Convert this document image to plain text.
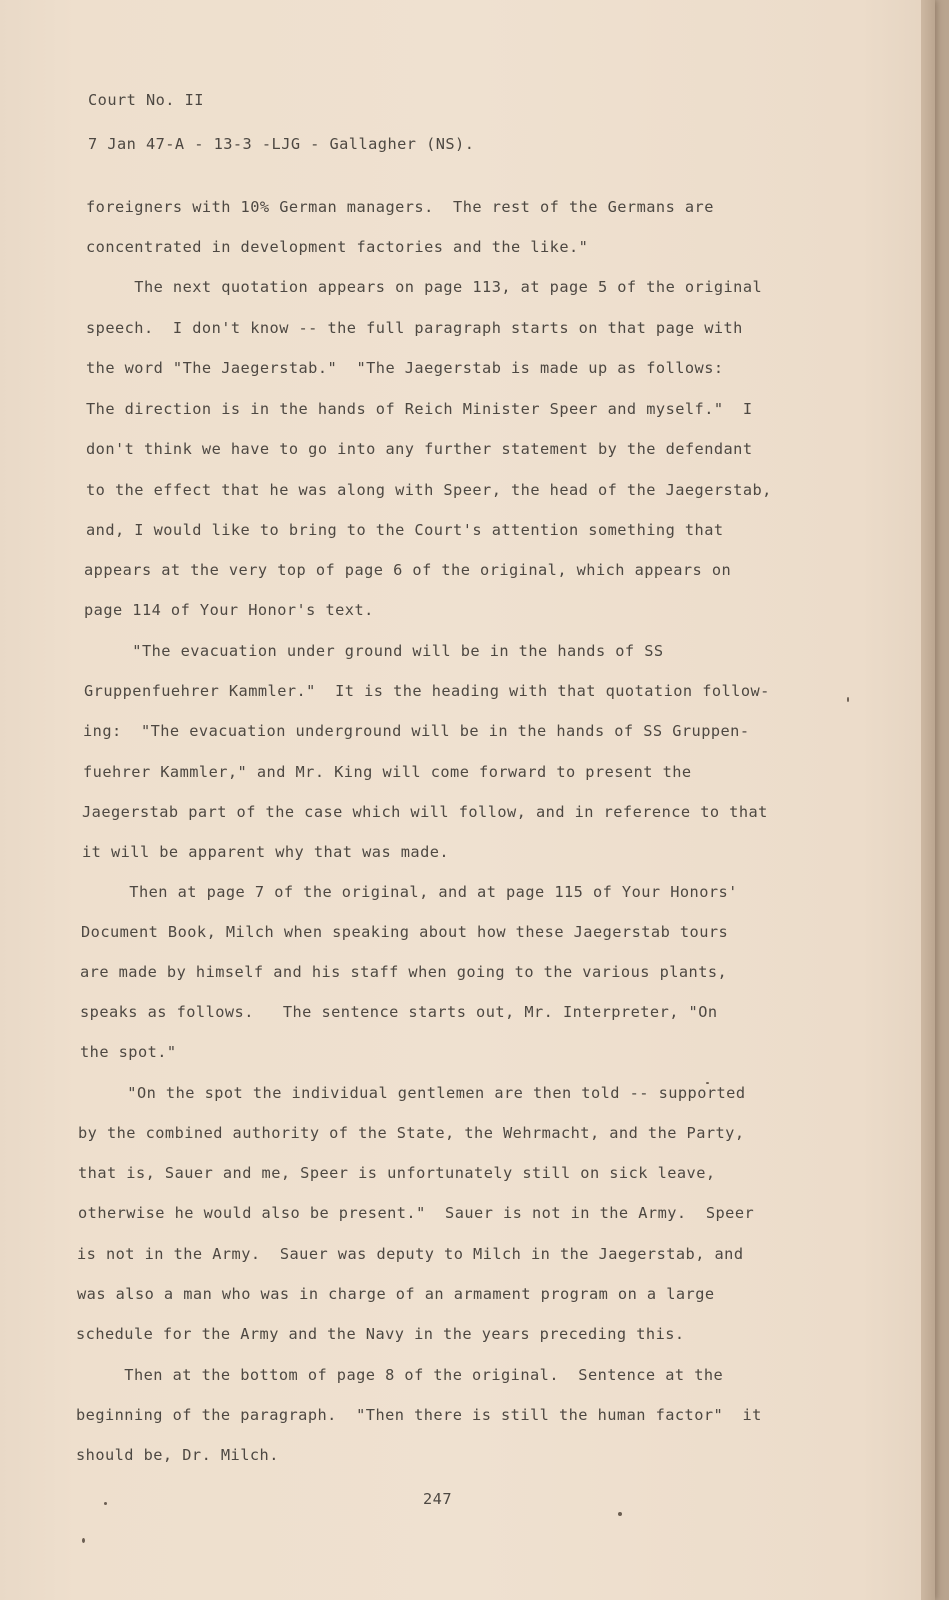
Court No. II

7 Jan 47-A - 13-3 -LJG - Gallagher (NS).

foreigners with 10% German managers.  The rest of the Germans are

concentrated in development factories and the like."

The next quotation appears on page 113, at page 5 of the original

speech.  I don't know -- the full paragraph starts on that page with

the word "The Jaegerstab."  "The Jaegerstab is made up as follows:

The direction is in the hands of Reich Minister Speer and myself."  I

don't think we have to go into any further statement by the defendant

to the effect that he was along with Speer, the head of the Jaegerstab,

and, I would like to bring to the Court's attention something that

appears at the very top of page 6 of the original, which appears on

page 114 of Your Honor's text.

"The evacuation under ground will be in the hands of SS

Gruppenfuehrer Kammler."  It is the heading with that quotation follow-

ing:  "The evacuation underground will be in the hands of SS Gruppen-

fuehrer Kammler," and Mr. King will come forward to present the

Jaegerstab part of the case which will follow, and in reference to that

it will be apparent why that was made.

Then at page 7 of the original, and at page 115 of Your Honors'

Document Book, Milch when speaking about how these Jaegerstab tours

are made by himself and his staff when going to the various plants,

speaks as follows.   The sentence starts out, Mr. Interpreter, "On

the spot."

"On the spot the individual gentlemen are then told -- supported

by the combined authority of the State, the Wehrmacht, and the Party,

that is, Sauer and me, Speer is unfortunately still on sick leave,

otherwise he would also be present."  Sauer is not in the Army.  Speer

is not in the Army.  Sauer was deputy to Milch in the Jaegerstab, and

was also a man who was in charge of an armament program on a large

schedule for the Army and the Navy in the years preceding this.

Then at the bottom of page 8 of the original.  Sentence at the

beginning of the paragraph.  "Then there is still the human factor"  it

should be, Dr. Milch.

247
